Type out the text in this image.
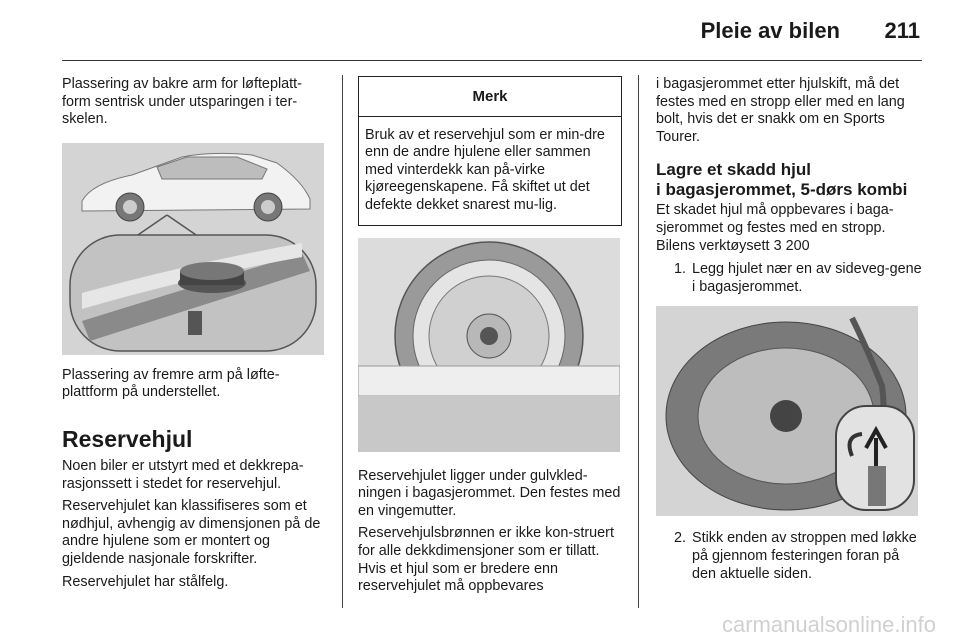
Pleie av bilen	211

Plassering av bakre arm for løfteplatt-form sentrisk under utsparingen i ter-skelen.

Plassering av fremre arm på løfte-plattform på understellet.

Reservehjul

Noen biler er utstyrt med et dekkrepa-rasjonssett i stedet for reservehjul.

Reservehjulet kan klassifiseres som et nødhjul, avhengig av dimensjonen på de andre hjulene som er montert og gjeldende nasjonale forskrifter.

Reservehjulet har stålfelg.

Merk
Bruk av et reservehjul som er min-dre enn de andre hjulene eller sammen med vinterdekk kan på-virke kjøreegenskapene. Få skiftet ut det defekte dekket snarest mu-lig.

Reservehjulet ligger under gulvkled-ningen i bagasjerommet. Den festes med en vingemutter.

Reservehjulsbrønnen er ikke kon-struert for alle dekkdimensjoner som er tillatt. Hvis et hjul som er bredere enn reservehjulet må oppbevares

i bagasjerommet etter hjulskift, må det festes med en stropp eller med en lang bolt, hvis det er snakk om en Sports Tourer.

Lagre et skadd hjul
i bagasjerommet, 5-dørs kombi

Et skadet hjul må oppbevares i baga-sjerommet og festes med en stropp.

Bilens verktøysett 3 200

1. Legg hjulet nær en av sideveg-gene i bagasjerommet.
2. Stikk enden av stroppen med løkke på gjennom festeringen foran på den aktuelle siden.
carmanualsonline.info
